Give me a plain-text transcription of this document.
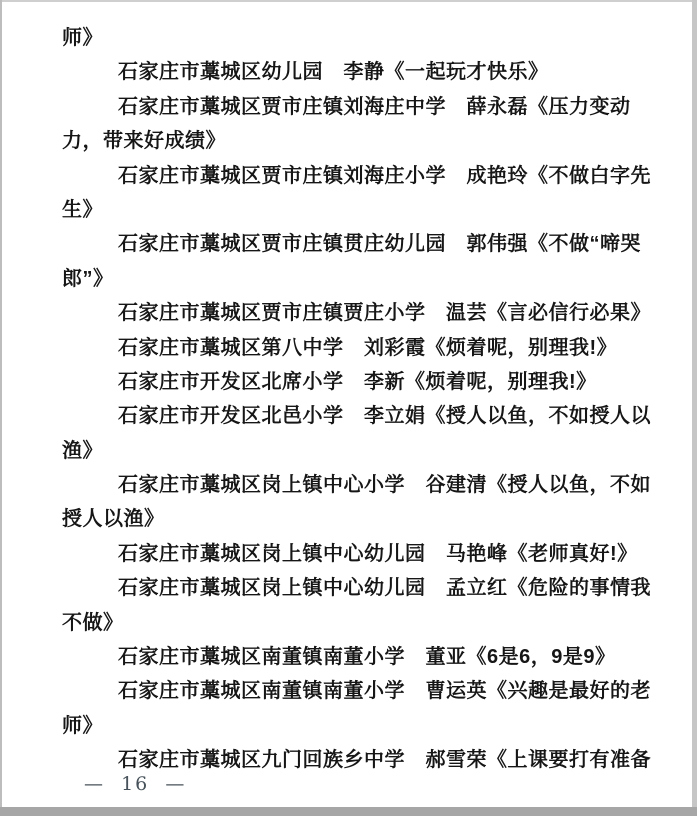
师》
石家庄市藁城区幼儿园　李静《一起玩才快乐》
石家庄市藁城区贾市庄镇刘海庄中学　薛永磊《压力变动
力，带来好成绩》
石家庄市藁城区贾市庄镇刘海庄小学　成艳玲《不做白字先
生》
石家庄市藁城区贾市庄镇贯庄幼儿园　郭伟强《不做“啼哭
郎”》
石家庄市藁城区贾市庄镇贾庄小学　温芸《言必信行必果》
石家庄市藁城区第八中学　刘彩霞《烦着呢，别理我!》
石家庄市开发区北席小学　李新《烦着呢，别理我!》
石家庄市开发区北邑小学　李立娟《授人以鱼，不如授人以
渔》
石家庄市藁城区岗上镇中心小学　谷建清《授人以鱼，不如
授人以渔》
石家庄市藁城区岗上镇中心幼儿园　马艳峰《老师真好!》
石家庄市藁城区岗上镇中心幼儿园　孟立红《危险的事情我
不做》
石家庄市藁城区南董镇南董小学　董亚《6是6，9是9》
石家庄市藁城区南董镇南董小学　曹运英《兴趣是最好的老
师》
石家庄市藁城区九门回族乡中学　郝雪荣《上课要打有准备
—  16  —
